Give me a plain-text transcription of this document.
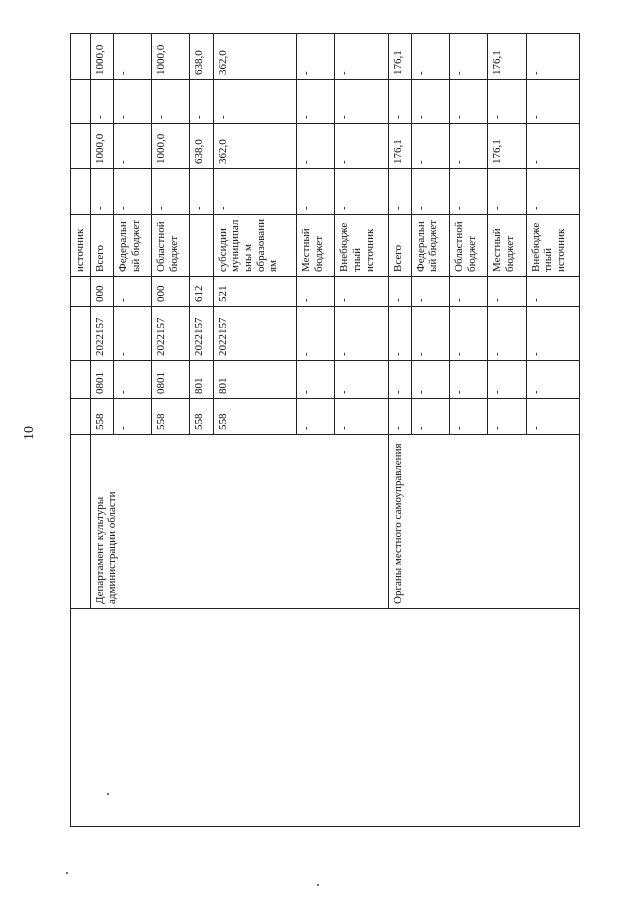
10
						источник				
	Департамент культуры администрации области	558	0801	2022157	000	Всего	-	1000,0	-	1000,0
		-	-	-	-	Федеральный бюджет	-	-	-	-
		558	0801	2022157	000	Областной бюджет	-	1000,0	-	1000,0
		558	801	2022157	612		-	638,0	-	638,0
		558	801	2022157	521	субсидии муниципальны м образованиям	-	362,0	-	362,0
		-	-	-	-	Местный бюджет	-	-	-	-
		-	-	-	-	Внебюджетный источник	-	-	-	-
	Органы местного самоуправления	-	-	-	-	Всего	-	176,1	-	176,1
		-	-	-	-	Федеральный бюджет	-	-	-	-
		-	-	-	-	Областной бюджет	-	-	-	-
		-	-	-	-	Местный бюджет	-	176,1	-	176,1
		-	-	-	-	Внебюджетный источник	-	-	-	-
